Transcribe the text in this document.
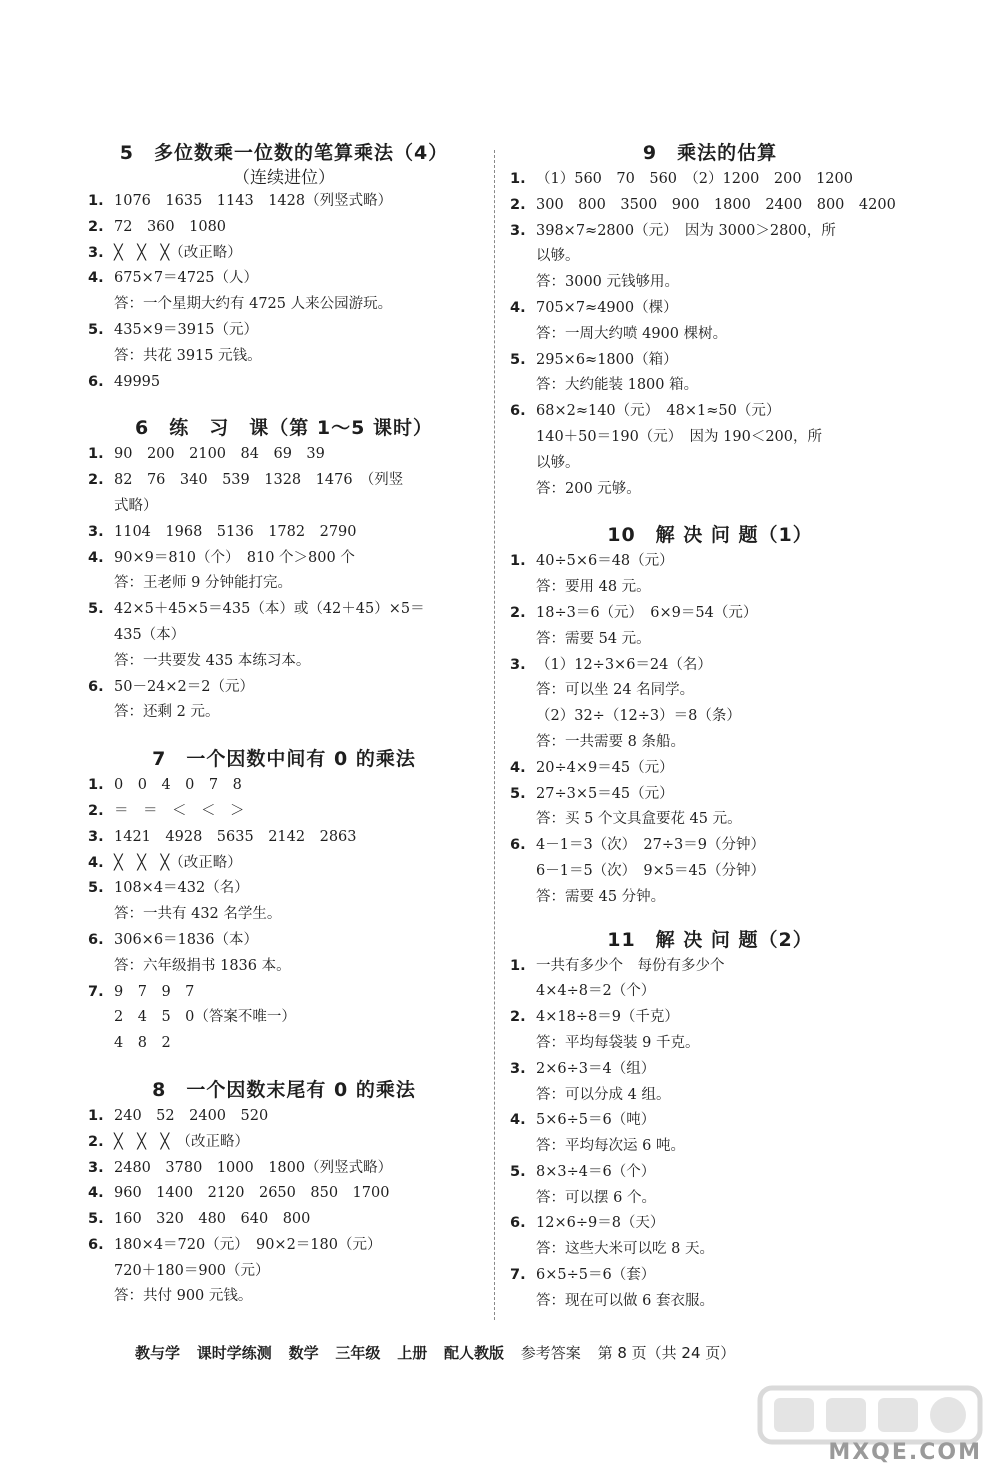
5　多位数乘一位数的笔算乘法（4）
（连续进位）
1. 1076　1635　1143　1428（列竖式略）
2. 72　360　1080
3. ╳　╳　╳（改正略）
4. 675×7＝4725（人）
答：一个星期大约有 4725 人来公园游玩。
5. 435×9＝3915（元）
答：共花 3915 元钱。
6. 49995
6　练　习　课（第 1～5 课时）
1. 90　200　2100　84　69　39
2. 82　76　340　539　1328　1476　（列竖
式略）
3. 1104　1968　5136　1782　2790
4. 90×9＝810（个）　810 个＞800 个
答：王老师 9 分钟能打完。
5. 42×5＋45×5＝435（本）或（42＋45）×5＝
435（本）
答：一共要发 435 本练习本。
6. 50－24×2＝2（元）
答：还剩 2 元。
7　一个因数中间有 0 的乘法
1. 0　0　4　0　7　8
2. ＝　＝　＜　＜　＞
3. 1421　4928　5635　2142　2863
4. ╳　╳　╳（改正略）
5. 108×4＝432（名）
答：一共有 432 名学生。
6. 306×6＝1836（本）
答：六年级捐书 1836 本。
7. 9　7　9　7
2　4　5　0（答案不唯一）
4　8　2
8　一个因数末尾有 0 的乘法
1. 240　52　2400　520
2. ╳　╳　╳　（改正略）
3. 2480　3780　1000　1800（列竖式略）
4. 960　1400　2120　2650　850　1700
5. 160　320　480　640　800
6. 180×4＝720（元）　90×2＝180（元）
720＋180＝900（元）
答：共付 900 元钱。
9　乘法的估算
1. （1）560　70　560　（2）1200　200　1200
2. 300　800　3500　900　1800　2400　800　4200
3. 398×7≈2800（元）　因为 3000＞2800，所
以够。
答：3000 元钱够用。
4. 705×7≈4900（棵）
答：一周大约喷 4900 棵树。
5. 295×6≈1800（箱）
答：大约能装 1800 箱。
6. 68×2≈140（元）　48×1≈50（元）
140＋50＝190（元）　因为 190＜200，所
以够。
答：200 元够。
10　解 决 问 题（1）
1. 40÷5×6＝48（元）
答：要用 48 元。
2. 18÷3＝6（元）　6×9＝54（元）
答：需要 54 元。
3. （1）12÷3×6＝24（名）
答：可以坐 24 名同学。
（2）32÷（12÷3）＝8（条）
答：一共需要 8 条船。
4. 20÷4×9＝45（元）
5. 27÷3×5＝45（元）
答：买 5 个文具盒要花 45 元。
6. 4－1＝3（次）　27÷3＝9（分钟）
6－1＝5（次）　9×5＝45（分钟）
答：需要 45 分钟。
11　解 决 问 题（2）
1. 一共有多少个　每份有多少个
4×4÷8＝2（个）
2. 4×18÷8＝9（千克）
答：平均每袋装 9 千克。
3. 2×6÷3＝4（组）
答：可以分成 4 组。
4. 5×6÷5＝6（吨）
答：平均每次运 6 吨。
5. 8×3÷4＝6（个）
答：可以摆 6 个。
6. 12×6÷9＝8（天）
答：这些大米可以吃 8 天。
7. 6×5÷5＝6（套）
答：现在可以做 6 套衣服。
教与学 课时学练测 数学 三年级 上册 配人教版 参考答案 第 8 页（共 24 页）
MXQE.COM
